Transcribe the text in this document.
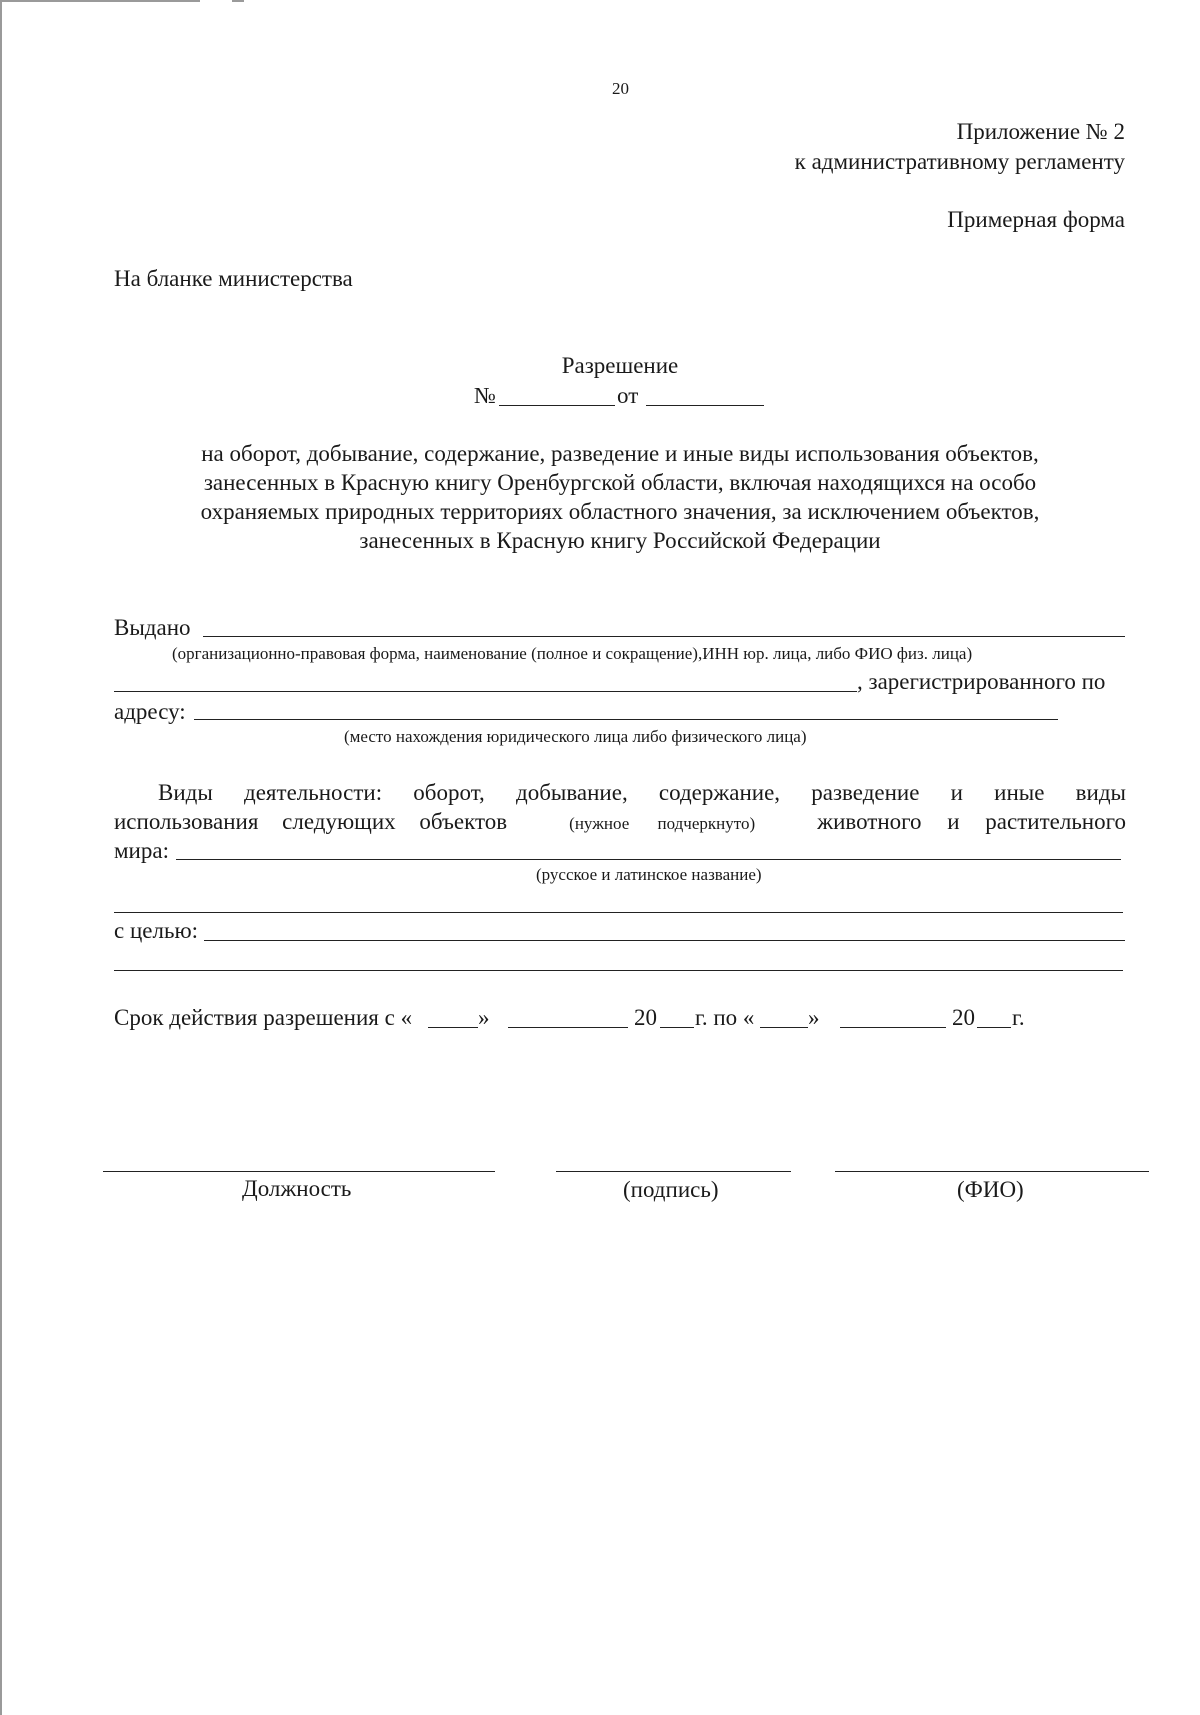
20
Приложение № 2
к административному регламенту
Примерная форма
На бланке министерства
Разрешение
№	от
на оборот, добывание, содержание, разведение и иные виды использования объектов,
занесенных в Красную книгу Оренбургской области, включая находящихся на особо
охраняемых природных территориях областного значения, за исключением объектов,
занесенных в Красную книгу Российской Федерации
Выдано
(организационно-правовая форма, наименование (полное и сокращение),ИНН юр. лица, либо ФИО физ. лица)
, зарегистрированного по
адресу:
(место нахождения юридического лица либо физического лица)
Виды деятельности: оборот, добывание, содержание, разведение и иные виды
использования следующих объектов	(нужное подчеркнуто)	животного и растительного
мира:
(русское и латинское название)
с целью:
Срок действия разрешения с «	»	20 г. по « »	20 г.
Должность	(подпись)	(ФИО)
